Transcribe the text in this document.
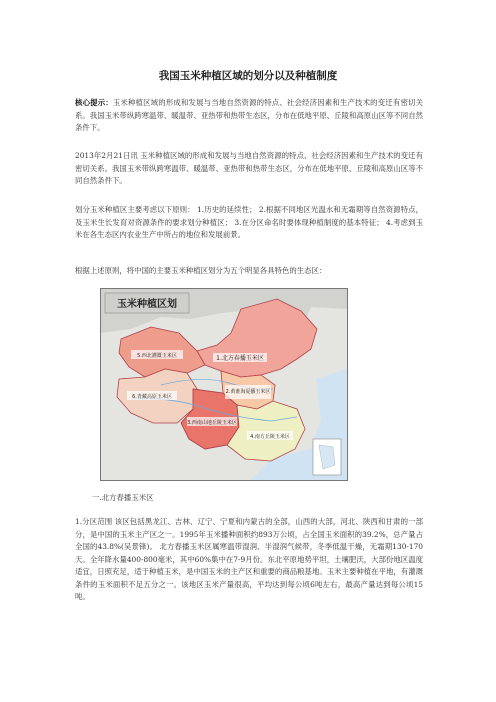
我国玉米种植区域的划分以及种植制度
核心提示：玉米种植区域的形成和发展与当地自然资源的特点、社会经济因素和生产技术的变迁有密切关系。我国玉米带纵跨寒温带、暖温带、亚热带和热带生态区，分布在低地平原、丘陵和高原山区等不同自然条件下。
2013年2月21日讯 玉米种植区域的形成和发展与当地自然资源的特点、社会经济因素和生产技术的变迁有密切关系。我国玉米带纵跨寒温带、暖温带、亚热带和热带生态区，分布在低地平原、丘陵和高原山区等不同自然条件下。
划分玉米种植区主要考虑以下原则： 1.历史的延续性； 2.根据不同地区光温水和无霜期等自然资源特点，及玉米生长发育对资源条件的要求划分种植区； 3.在分区命名时要体现种植制度的基本特征； 4.考虑到玉米在各生态区内农业生产中所占的地位和发展前景。
根据上述原则，将中国的主要玉米种植区划分为五个明显各具特色的生态区：
玉米种植区划
1.北方春播玉米区
2.黄淮海夏播玉米区
3.西南山地丘陵玉米区
4.南方丘陵玉米区
5.西北灌溉玉米区
6.青藏高原玉米区
一.北方春播玉米区
1.分区范围 该区包括黑龙江、吉林、辽宁、宁夏和内蒙古的全部，山西的大部，河北、陕西和甘肃的一部分，是中国的玉米主产区之一。1995年玉米播种面积约893万公顷，占全国玉米面积的39.2%，总产量占全国的43.8%(吴景锋)。 北方春播玉米区属寒温带湿润、半湿润气候带，冬季低温干燥，无霜期130-170天。全年降水量400-800毫米，其中60%集中在7-9月份。东北平原地势平坦，土壤肥沃，大部份地区温度适宜，日照充足，适于种植玉米，是中国玉米的主产区和重要的商品粮基地。玉米主要种植在平地，有灌溉条件的玉米面积不足五分之一。该地区玉米产量很高，平均达到每公顷6吨左右，最高产量达到每公顷15吨。
